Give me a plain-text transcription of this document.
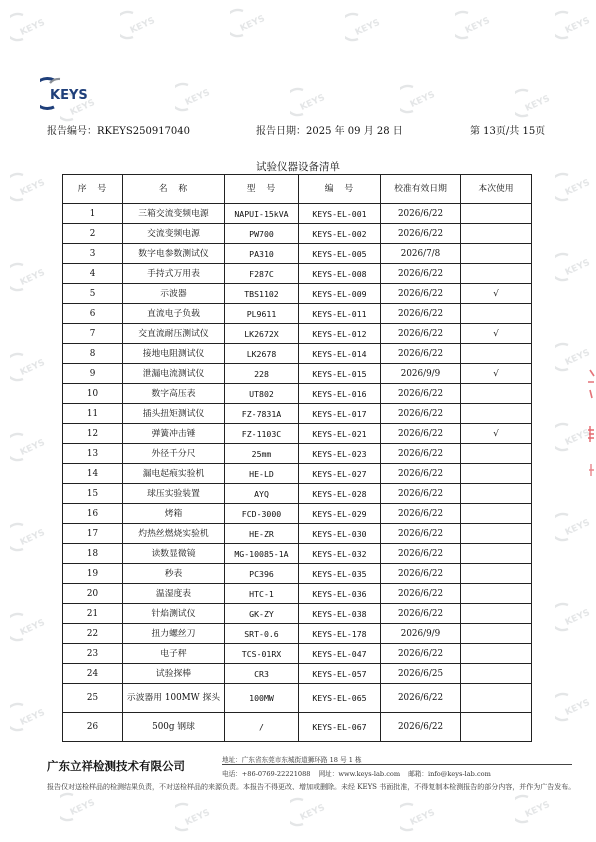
KEYS	KEYS	KEYS	KEYS	KEYS	KEYS
KEYS	KEYS	KEYS	KEYS	KEYS
KEYS	KEYS
KEYS	KEYS
KEYS	KEYS
KEYS	KEYS
KEYS	KEYS
KEYS	KEYS
KEYS	KEYS
KEYS	KEYS	KEYS	KEYS	KEYS
KEYS
报告编号：RKEYS250917040	报告日期：2025 年 09 月 28 日	第 13页/共 15页
试验仪器设备清单
序　号	名　称	型　号	编　号	校准有效日期	本次使用
1	三箱交流变频电源	NAPUI-15kVA	KEYS-EL-001	2026/6/22	
2	交流变频电源	PW700	KEYS-EL-002	2026/6/22	
3	数字电参数测试仪	PA310	KEYS-EL-005	2026/7/8	
4	手持式万用表	F287C	KEYS-EL-008	2026/6/22	
5	示波器	TBS1102	KEYS-EL-009	2026/6/22	√
6	直流电子负载	PL9611	KEYS-EL-011	2026/6/22	
7	交直流耐压测试仪	LK2672X	KEYS-EL-012	2026/6/22	√
8	接地电阻测试仪	LK2678	KEYS-EL-014	2026/6/22	
9	泄漏电流测试仪	228	KEYS-EL-015	2026/9/9	√
10	数字高压表	UT802	KEYS-EL-016	2026/6/22	
11	插头扭矩测试仪	FZ-7831A	KEYS-EL-017	2026/6/22	
12	弹簧冲击锤	FZ-1103C	KEYS-EL-021	2026/6/22	√
13	外径千分尺	25mm	KEYS-EL-023	2026/6/22	
14	漏电起痕实验机	HE-LD	KEYS-EL-027	2026/6/22	
15	球压实验装置	AYQ	KEYS-EL-028	2026/6/22	
16	烤箱	FCD-3000	KEYS-EL-029	2026/6/22	
17	灼热丝燃烧实验机	HE-ZR	KEYS-EL-030	2026/6/22	
18	读数显微镜	MG-10085-1A	KEYS-EL-032	2026/6/22	
19	秒表	PC396	KEYS-EL-035	2026/6/22	
20	温湿度表	HTC-1	KEYS-EL-036	2026/6/22	
21	针焰测试仪	GK-ZY	KEYS-EL-038	2026/6/22	
22	扭力螺丝刀	SRT-0.6	KEYS-EL-178	2026/9/9	
23	电子秤	TCS-01RX	KEYS-EL-047	2026/6/22	
24	试验探棒	CR3	KEYS-EL-057	2026/6/25	
25	示波器用 100MW 探头	100MW	KEYS-EL-065	2026/6/22	
26	500g 钢球	/	KEYS-EL-067	2026/6/22	
广东立祥检测技术有限公司	地址：广东省东莞市东城街道狮环路 18 号 1 栋
电话：+86-0769-22221088 网址：www.keys-lab.com 邮箱：info@keys-lab.com
报告仅对送检样品的检测结果负责，不对送检样品的来源负责。本报告不得更改、增加或删除。未经 KEYS 书面批准，不得复制本检测报告的部分内容，并作为广告发布。
